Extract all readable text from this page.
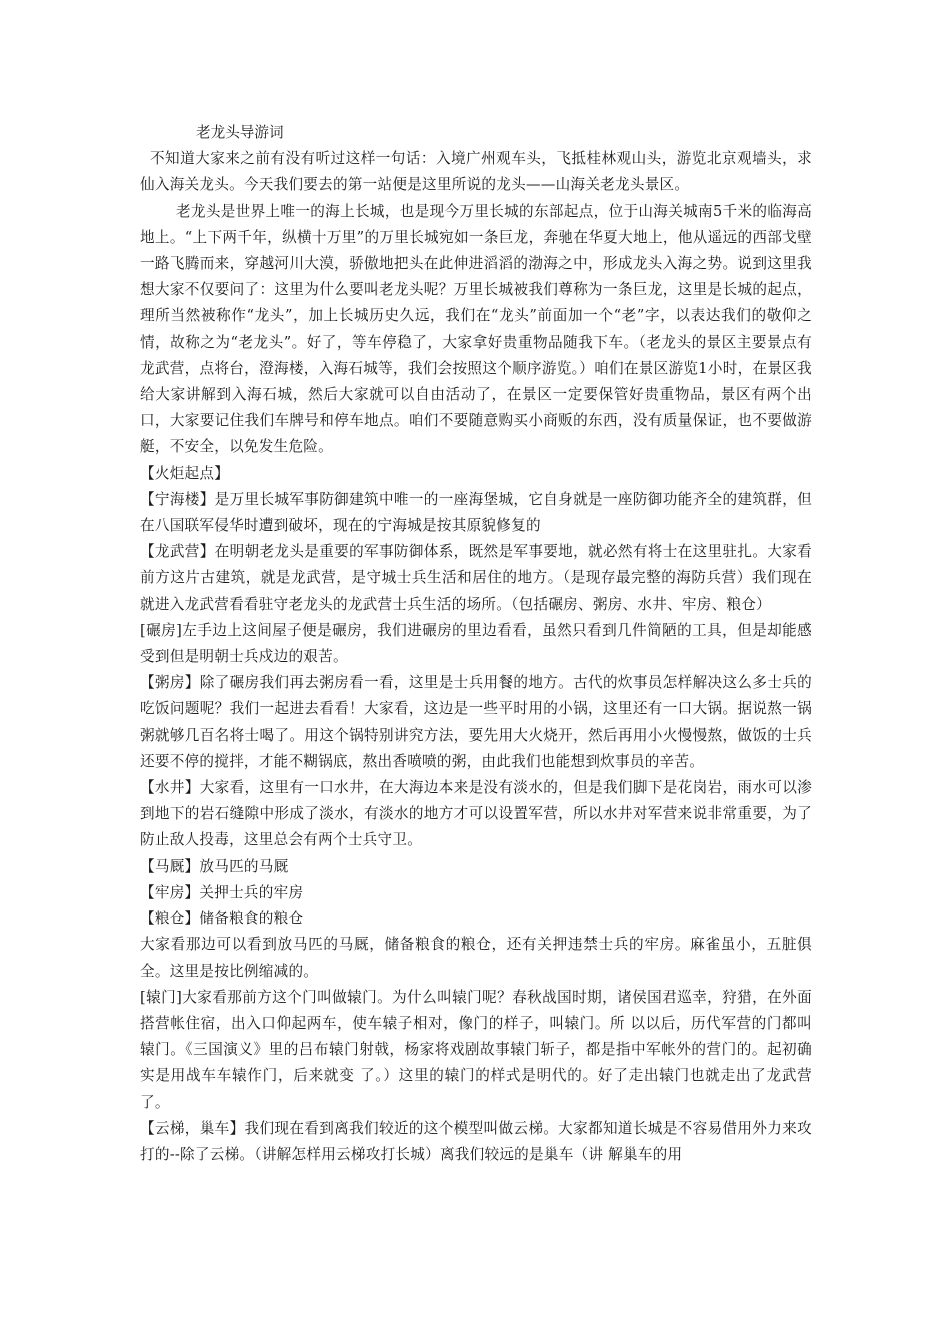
老龙头导游词

不知道大家来之前有没有听过这样一句话：入境广州观车头，飞抵桂林观山头，游览北京观墙头，求仙入海关龙头。今天我们要去的第一站便是这里所说的龙头——山海关老龙头景区。

老龙头是世界上唯一的海上长城，也是现今万里长城的东部起点，位于山海关城南5千米的临海高地上。“上下两千年，纵横十万里”的万里长城宛如一条巨龙，奔驰在华夏大地上，他从遥远的西部戈壁一路飞腾而来，穿越河川大漠，骄傲地把头在此伸进滔滔的渤海之中，形成龙头入海之势。说到这里我想大家不仅要问了：这里为什么要叫老龙头呢？万里长城被我们尊称为一条巨龙，这里是长城的起点，理所当然被称作“龙头”，加上长城历史久远，我们在“龙头”前面加一个“老”字，以表达我们的敬仰之情，故称之为“老龙头”。好了，等车停稳了，大家拿好贵重物品随我下车。（老龙头的景区主要景点有龙武营，点将台，澄海楼，入海石城等，我们会按照这个顺序游览。）咱们在景区游览1小时，在景区我给大家讲解到入海石城，然后大家就可以自由活动了，在景区一定要保管好贵重物品，景区有两个出口，大家要记住我们车牌号和停车地点。咱们不要随意购买小商贩的东西，没有质量保证，也不要做游艇，不安全，以免发生危险。

【火炬起点】

【宁海楼】是万里长城军事防御建筑中唯一的一座海堡城，它自身就是一座防御功能齐全的建筑群，但在八国联军侵华时遭到破坏，现在的宁海城是按其原貌修复的

【龙武营】在明朝老龙头是重要的军事防御体系，既然是军事要地，就必然有将士在这里驻扎。大家看前方这片古建筑，就是龙武营，是守城士兵生活和居住的地方。（是现存最完整的海防兵营）我们现在就进入龙武营看看驻守老龙头的龙武营士兵生活的场所。（包括碾房、粥房、水井、牢房、粮仓）

[碾房]左手边上这间屋子便是碾房，我们进碾房的里边看看，虽然只看到几件简陋的工具，但是却能感受到但是明朝士兵戍边的艰苦。

【粥房】除了碾房我们再去粥房看一看，这里是士兵用餐的地方。古代的炊事员怎样解决这么多士兵的吃饭问题呢？我们一起进去看看！大家看，这边是一些平时用的小锅，这里还有一口大锅。据说熬一锅粥就够几百名将士喝了。用这个锅特别讲究方法，要先用大火烧开，然后再用小火慢慢熬，做饭的士兵还要不停的搅拌，才能不糊锅底，熬出香喷喷的粥，由此我们也能想到炊事员的辛苦。

【水井】大家看，这里有一口水井，在大海边本来是没有淡水的，但是我们脚下是花岗岩，雨水可以渗到地下的岩石缝隙中形成了淡水，有淡水的地方才可以设置军营，所以水井对军营来说非常重要，为了防止敌人投毒，这里总会有两个士兵守卫。

【马厩】放马匹的马厩

【牢房】关押士兵的牢房

【粮仓】储备粮食的粮仓

大家看那边可以看到放马匹的马厩，储备粮食的粮仓，还有关押违禁士兵的牢房。麻雀虽小，五脏俱全。这里是按比例缩减的。

[辕门]大家看那前方这个门叫做辕门。为什么叫辕门呢？春秋战国时期，诸侯国君巡幸，狩猎，在外面搭营帐住宿，出入口仰起两车，使车辕子相对，像门的样子，叫辕门。所 以以后，历代军营的门都叫辕门。《三国演义》里的吕布辕门射戟，杨家将戏剧故事辕门斩子，都是指中军帐外的营门的。起初确实是用战车车辕作门，后来就变 了。）这里的辕门的样式是明代的。好了走出辕门也就走出了龙武营了。

【云梯，巢车】我们现在看到离我们较近的这个模型叫做云梯。大家都知道长城是不容易借用外力来攻打的--除了云梯。（讲解怎样用云梯攻打长城）离我们较远的是巢车（讲 解巢车的用
